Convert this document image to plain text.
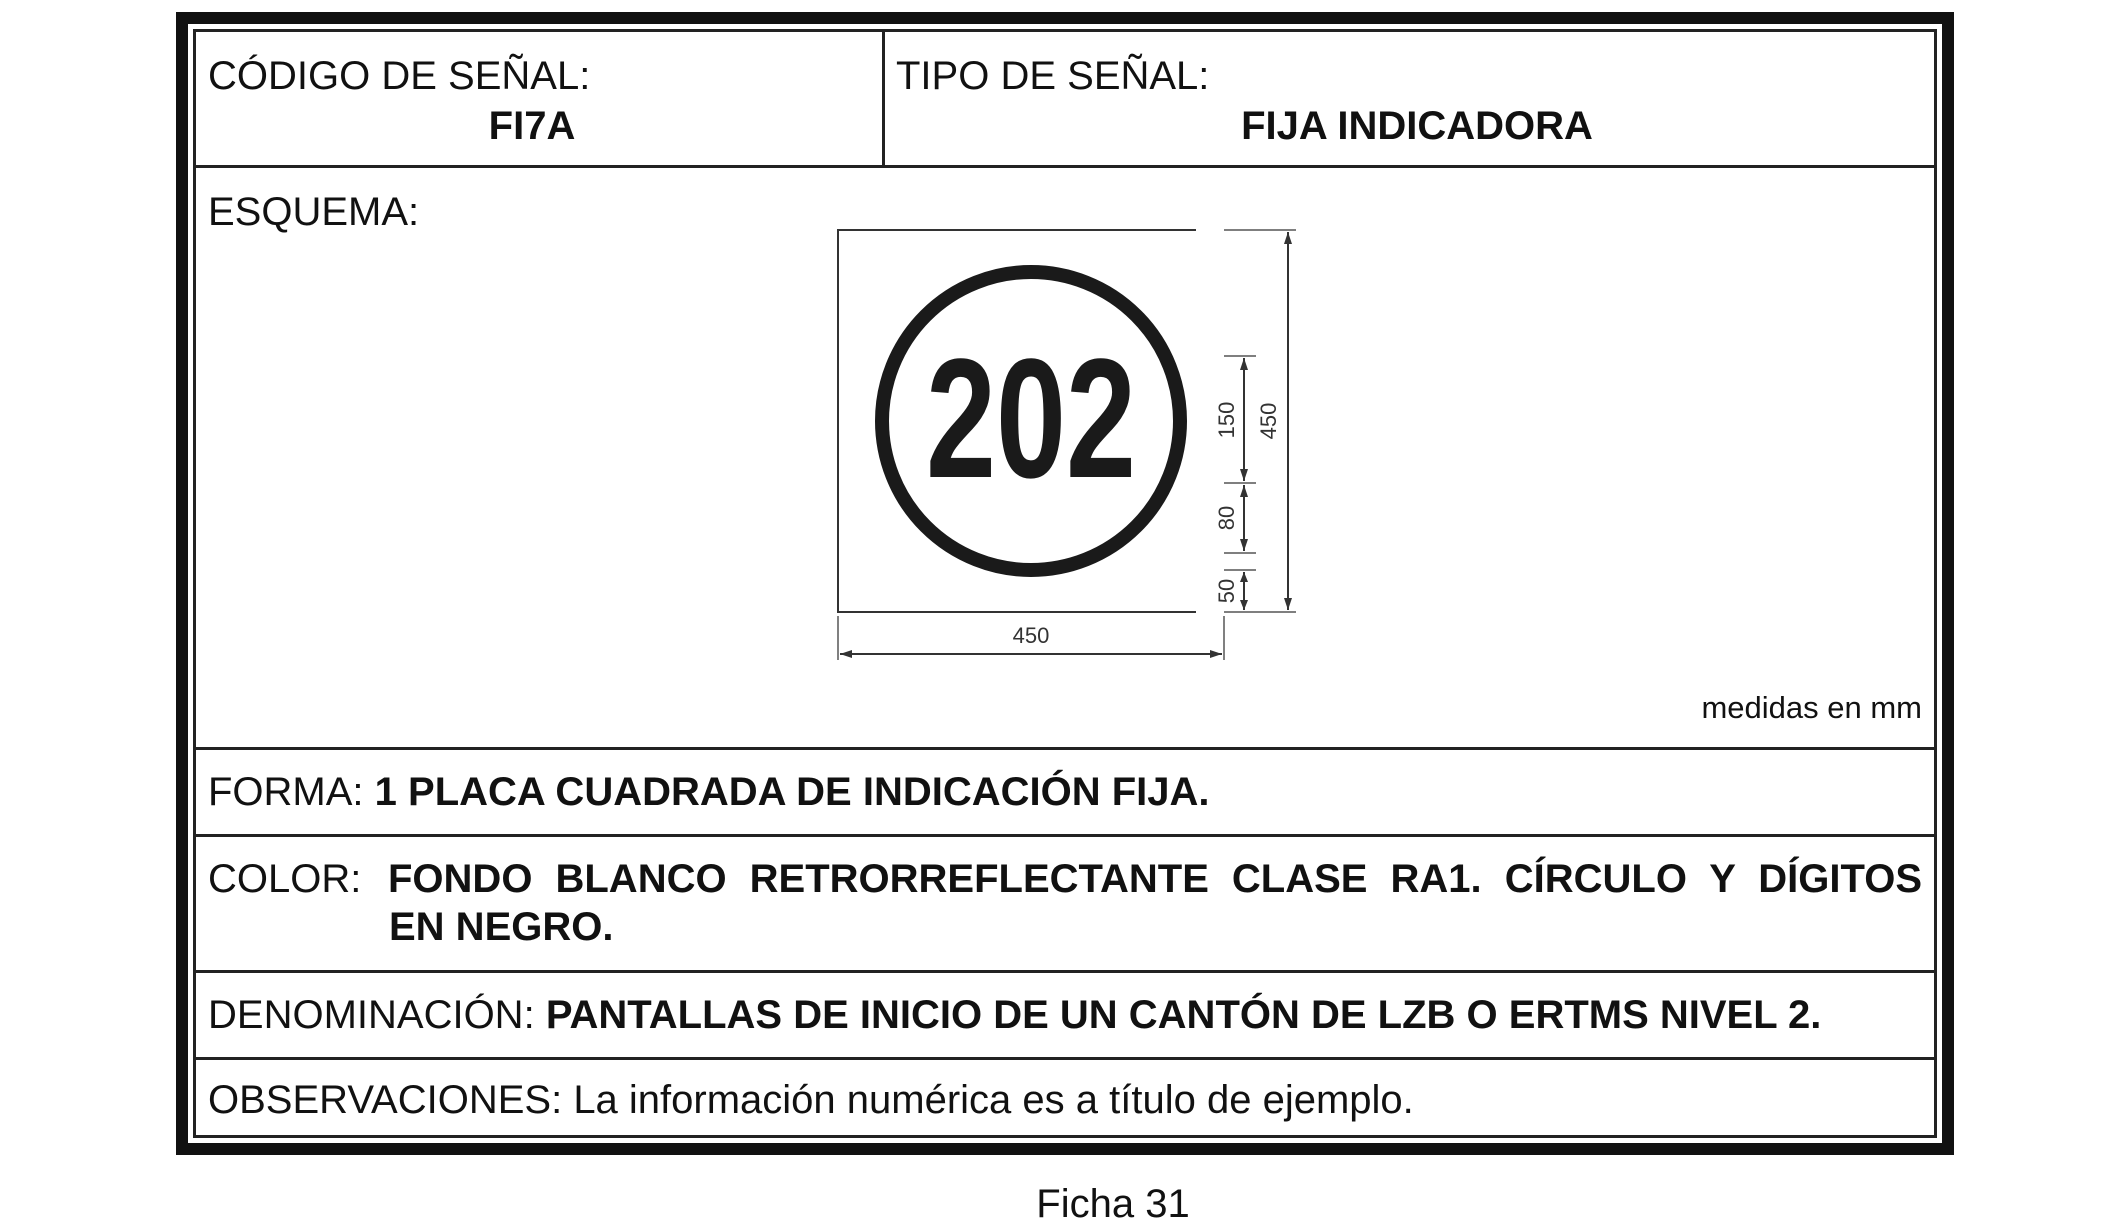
CÓDIGO DE SEÑAL:
FI7A
TIPO DE SEÑAL:
FIJA INDICADORA
ESQUEMA:
202	450
150
80
50
450
medidas en mm
FORMA: 1 PLACA CUADRADA DE INDICACIÓN FIJA.
COLOR: FONDO BLANCO RETRORREFLECTANTE CLASE RA1. CÍRCULO Y DÍGITOS
EN NEGRO.
DENOMINACIÓN: PANTALLAS DE INICIO DE UN CANTÓN DE LZB O ERTMS NIVEL 2.
OBSERVACIONES: La información numérica es a título de ejemplo.
Ficha 31
